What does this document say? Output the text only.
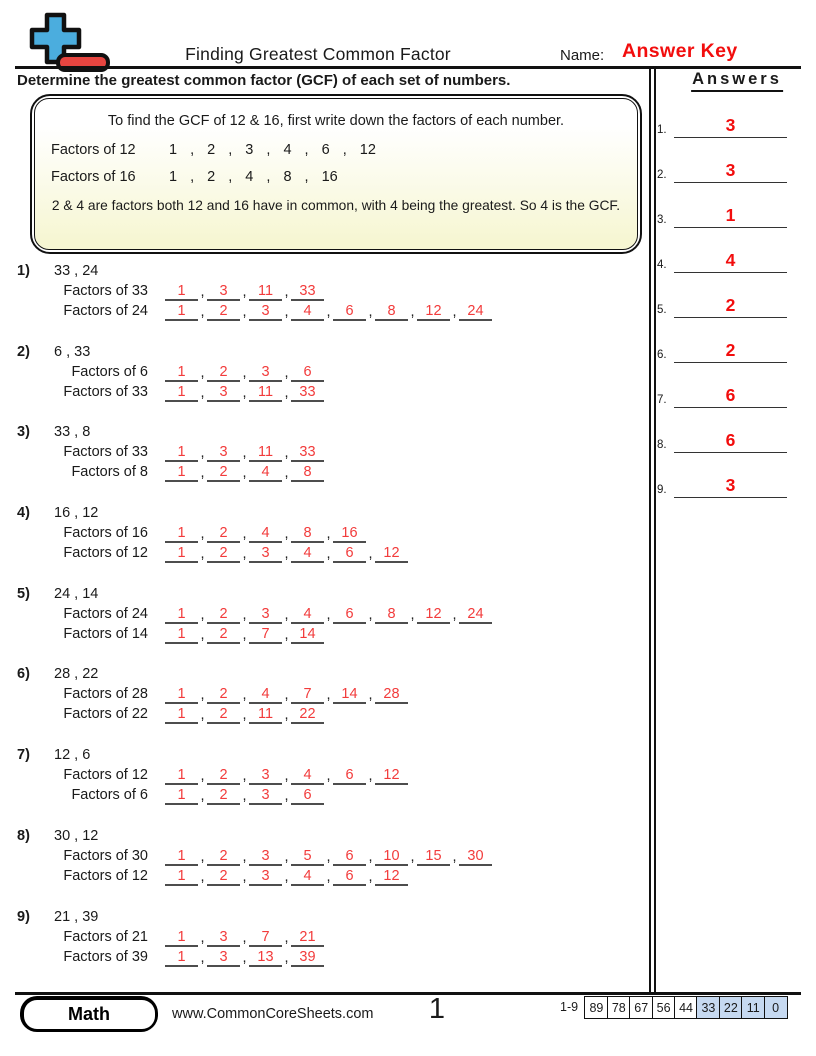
Finding Greatest Common Factor	Name: Answer Key
Determine the greatest common factor (GCF) of each set of numbers.

To find the GCF of 12 & 16, first write down the factors of each number.

Factors of 12	1 , 2 , 3 , 4 , 6 , 12
Factors of 16	1 , 2 , 4 , 8 , 16

2 & 4 are factors both 12 and 16 have in common, with 4 being the greatest. So 4 is the GCF.

1) 33 , 24
Factors of 33	1	,	3	, 11 , 33
Factors of 24	1	,	2	,	3	,	4	,	6	,	8	, 12 , 24
2) 6 , 33
Factors of 6	1	,	2	,	3	,	6
Factors of 33	1	,	3	, 11 , 33
3) 33 , 8
Factors of 33	1	,	3	, 11 , 33
Factors of 8	1	,	2	,	4	,	8
4) 16 , 12
Factors of 16	1	,	2	,	4	,	8	, 16
Factors of 12	1	,	2	,	3	,	4	,	6	, 12
5) 24 , 14
Factors of 24	1	,	2	,	3	,	4	,	6	,	8	, 12 , 24
Factors of 14	1	,	2	,	7	, 14
6) 28 , 22
Factors of 28	1	,	2	,	4	,	7	, 14 , 28
Factors of 22	1	,	2	, 11 , 22
7) 12 , 6
Factors of 12	1	,	2	,	3	,	4	,	6	, 12
Factors of 6	1	,	2	,	3	,	6
8) 30 , 12
Factors of 30	1	,	2	,	3	,	5	,	6	, 10 , 15 , 30
Factors of 12	1	,	2	,	3	,	4	,	6	, 12
9) 21 , 39
Factors of 21	1	,	3	,	7	, 21
Factors of 39	1	,	3	, 13 , 39
Answers
1.	3
2.	3
3.	1
4.	4
5.	2
6.	2
7.	6
8.	6
9.	3
Math	www.CommonCoreSheets.com 1	1-9 89 78 67 56 44 33 22 11 0
